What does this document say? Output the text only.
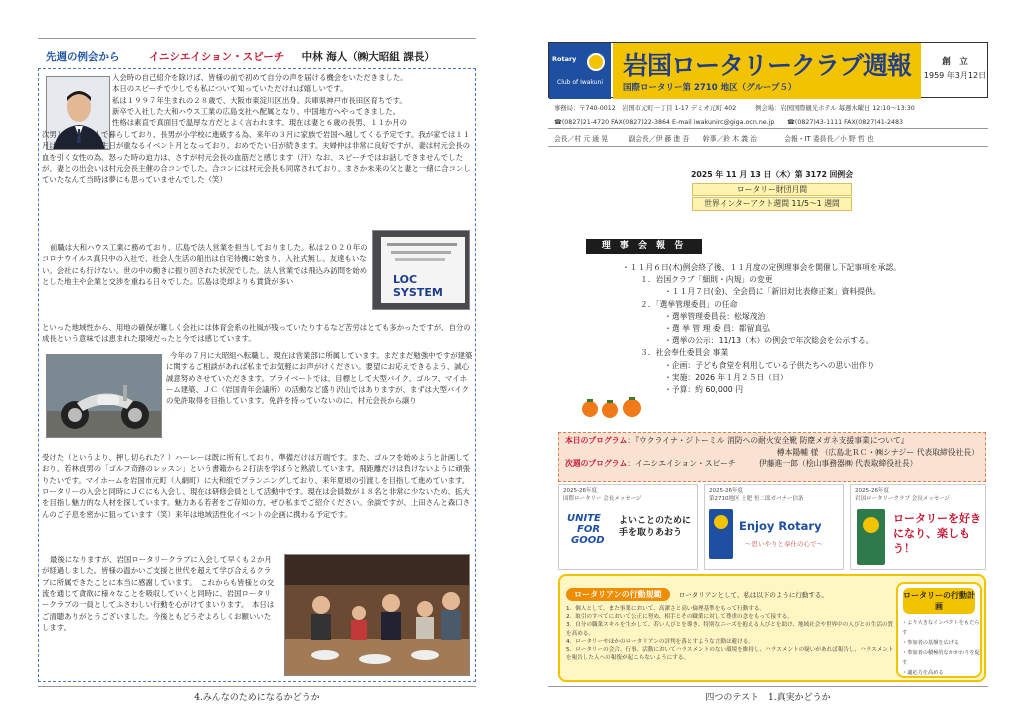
先週の例会から	イニシエイション・スピーチ 中林 海人（㈱大昭組 課長）

入会時の自己紹介を除けば、皆様の前で初めて自分の声を届ける機会をいただきました。

本日のスピーチで少しでも私について知っていただければ嬉しいです。

私は１９９７年生まれの２８歳で、大阪市東淀川区出身、兵庫県神戸市長田区育ちです。

新卒で入社した大和ハウス工業の広島支社へ配属となり、中国地方へやってきました。

性格は素直で真面目で温厚な方だとよく言われます。現在は妻と６歳の長男、１１か月の

次男と広島で４人で暮らしており、長男が小学校に進級する為、来年の３月に家族で岩国へ越してくる予定です。我が家では１１月は妻と次男の誕生日が重なるイベント月となっており、おめでたい日が続きます。夫婦仲は非常に良好ですが、妻は村元会長の血を引く女性の為、怒った時の迫力は、さすが村元会長の血筋だと感じます（汗）なお、スピーチではお話しできませんでしたが、妻との出会いは村元会長主催の合コンでした。合コンには村元会長も同席されており、まさか未来の父と妻と一緒に合コンしていたなんて当時は夢にも思っていませんでした（笑）
LOC SYSTEM
前職は大和ハウス工業に務めており、広島で法人営業を担当しておりました。私は２０２０年のコロナウイルス真只中の入社で、社会人生活の船出は自宅待機に始まり、入社式無し。友達もいない。会社にも行けない。世の中の動きに振り回された状況でした。法人営業では飛込み訪問を始めとした地主や企業と交渉を重ねる日々でした。広島は売却よりも賃貸が多い
といった地域性から、用地の確保が難しく会社には体育会系の社風が残っていたりするなど苦労はとても多かったですが、自分の成長という意味では恵まれた環境だったと今では感じています。
今年の７月に大昭組へ転職し、現在は営業部に所属しています。まだまだ勉強中ですが建築に関するご相談があれば私までお気軽にお声がけください。要望にお応えできるよう、誠心誠意努めさせていただきます。プライベートでは、目標として大型バイク、ゴルフ、マイホーム建築、ＪＣ（岩国青年会議所）の活動など盛り沢山ではありますが、まずは大型バイクの免許取得を目指しています。免許を持っていないのに、村元会長から譲り
受けた（というより、押し切られた？）ハーレーは既に所有しており、準備だけは万端です。また、ゴルフを始めようと計画しており、若林貞男の「ゴルフ奇跡のレッスン」という書籍から２打法を学ぼうと熟読しています。飛距離だけは負けないように頑張りたいです。マイホームを岩国市元町（人網町）に大和組でプランニングしており、来年夏頃の引渡しを目指して進めています。ロータリーの入会と同時にＪＣにも入会し、現在は研修会員として活動中です。現在は会員数が１８名と非常に少ないため、拡大を目指し魅力的な人材を探しています。魅力ある若者をご存知の方、ぜひ私までご紹介ください。余談ですが、上田さんと森口さんのご子息を密かに狙っています（笑）来年は地域活性化イベントの企画に携わる予定です。
最後になりますが、岩国ロータリークラブに入会して早くも２か月が経過しました。皆様の温かいご支援と世代を超えて学び合えるクラブに所属できたことに本当に感謝しています。　これからも皆様との交流を通じて貪欲に様々なことを吸収していくと同時に、岩国ロータリークラブの一員としてふさわしい行動を心がけてまいります。　本日はご清聴ありがとうございました。今後ともどうぞよろしくお願いいたします。
4.みんなのためになるかどうか
Rotary
Club of Iwakuni
岩国ロータリークラブ週報
国際ロータリー第 2710 地区（グループ５）
創　立
1959 年3月12日
事務局：〒740-0012　岩国市元町一丁目 1-17 デミオ元町 402　　　例会場：岩国国際観光ホテル 毎週木曜日 12:10～13:30
☎(0827)21-4720 FAX(0827)22-3864 E-mail iwakunirc@giga.ocn.ne.jp　　☎(0827)43-1111 FAX(0827)41-2483
会長／村 元 通 晃　　　副会長／伊 藤 進 吾　　幹事／鈴 木 義 治　　　　会報・IT 委員長／小 野 哲 也
2025 年 11 月 13 日（木）第 3172 回例会
ロータリー財団月間
世界インターアクト週間 11/5～1 週間
理 事 会 報 告
・１１月６日(木)例会終了後、１１月度の定例理事会を開催し下記事項を承認。
１．岩国クラブ「細則・内規」の変更
・１１月７日(金)、全会員に「新旧対比表修正案」資料提供。
２．「選挙管理委員」の任命
・選挙管理委員長：松塚茂治
・選 挙 管 理 委 員：都留真弘
・選挙の公示：11/13（木）の例会で年次総会を公示する。
３．社会奉仕委員会 事業
・企画：子ども食堂を利用している子供たちへの思い出作り
・実施：2026 年１月２５日（日）
・予算：約 60,000 円
本日のプログラム：『ウクライナ・ジトーミル 消防への耐火安全靴 防塵メガネ支援事業について』
樽本陽輔 様 （広島北ＲＣ・㈱シナジー 代表取締役社長）
次週のプログラム：イニシエイション・スピーチ　　　伊藤進一郎（桧山事務器㈱ 代表取締役社長）
2025-26年度
国際ロータリー 会長メッセージ
UNITE
FOR
GOOD
よいことのために手を取りあおう
2025-26年度
第2710地区 土肥 恒二郎ガバナー信条
Enjoy Rotary
～思いやりと奉仕の心で～
2025-26年度
岩国ロータリークラブ 会長メッセージ
ロータリーを好きになり、楽しもう！
ロータリアンの行動規範	ロータリアンとして、私は以下のように行動する。
1．個人として、また事業において、高潔さと高い倫理基準をもって行動する。
2．取引のすべてにおいて公正に努め、相手とその職業に対して尊重の念をもって接する。
3．自分の職業スキルを生かして、若い人びとを導き、特別なニーズを抱える人びとを助け、地域社会や世界中の人びとの生活の質を高める。
4．ロータリーやほかのロータリアンの評判を落とすような言動は避ける。
5．ロータリーの会合、行事、活動においてハラスメントのない環境を維持し、ハラスメントの疑いがあれば報告し、ハラスメントを報告した人への報復が起こらないようにする。
ロータリーの行動計画
・より大きなインパクトをもたらす
・参加者の基盤を広げる
・参加者の積極的なかかわりを促す
・適応力を高める
四つのテスト　1.真実かどうか
